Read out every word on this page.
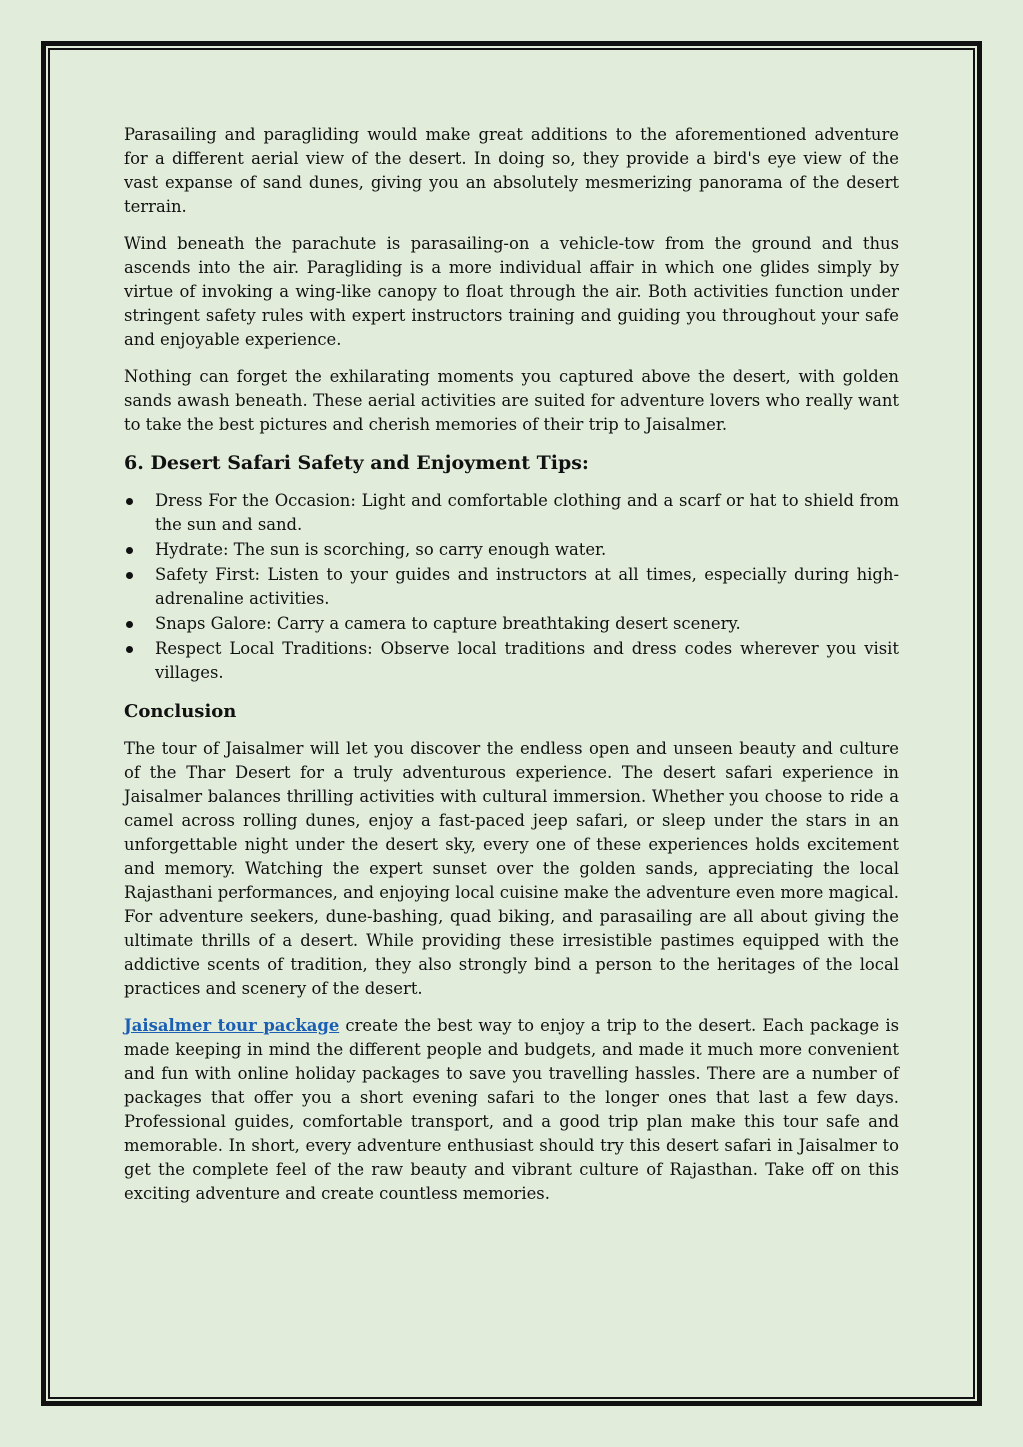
Parasailing and paragliding would make great additions to the aforementioned adventure for a different aerial view of the desert. In doing so, they provide a bird's eye view of the vast expanse of sand dunes, giving you an absolutely mesmerizing panorama of the desert terrain.

Wind beneath the parachute is parasailing-on a vehicle-tow from the ground and thus ascends into the air. Paragliding is a more individual affair in which one glides simply by virtue of invoking a wing-like canopy to float through the air. Both activities function under stringent safety rules with expert instructors training and guiding you throughout your safe and enjoyable experience.

Nothing can forget the exhilarating moments you captured above the desert, with golden sands awash beneath. These aerial activities are suited for adventure lovers who really want to take the best pictures and cherish memories of their trip to Jaisalmer.

6. Desert Safari Safety and Enjoyment Tips:
Dress For the Occasion: Light and comfortable clothing and a scarf or hat to shield from the sun and sand.
Hydrate: The sun is scorching, so carry enough water.
Safety First: Listen to your guides and instructors at all times, especially during high-adrenaline activities.
Snaps Galore: Carry a camera to capture breathtaking desert scenery.
Respect Local Traditions: Observe local traditions and dress codes wherever you visit villages.
Conclusion

The tour of Jaisalmer will let you discover the endless open and unseen beauty and culture of the Thar Desert for a truly adventurous experience. The desert safari experience in Jaisalmer balances thrilling activities with cultural immersion. Whether you choose to ride a camel across rolling dunes, enjoy a fast-paced jeep safari, or sleep under the stars in an unforgettable night under the desert sky, every one of these experiences holds excitement and memory. Watching the expert sunset over the golden sands, appreciating the local Rajasthani performances, and enjoying local cuisine make the adventure even more magical. For adventure seekers, dune-bashing, quad biking, and parasailing are all about giving the ultimate thrills of a desert. While providing these irresistible pastimes equipped with the addictive scents of tradition, they also strongly bind a person to the heritages of the local practices and scenery of the desert.

Jaisalmer tour package create the best way to enjoy a trip to the desert. Each package is made keeping in mind the different people and budgets, and made it much more convenient and fun with online holiday packages to save you travelling hassles. There are a number of packages that offer you a short evening safari to the longer ones that last a few days. Professional guides, comfortable transport, and a good trip plan make this tour safe and memorable. In short, every adventure enthusiast should try this desert safari in Jaisalmer to get the complete feel of the raw beauty and vibrant culture of Rajasthan. Take off on this exciting adventure and create countless memories.
